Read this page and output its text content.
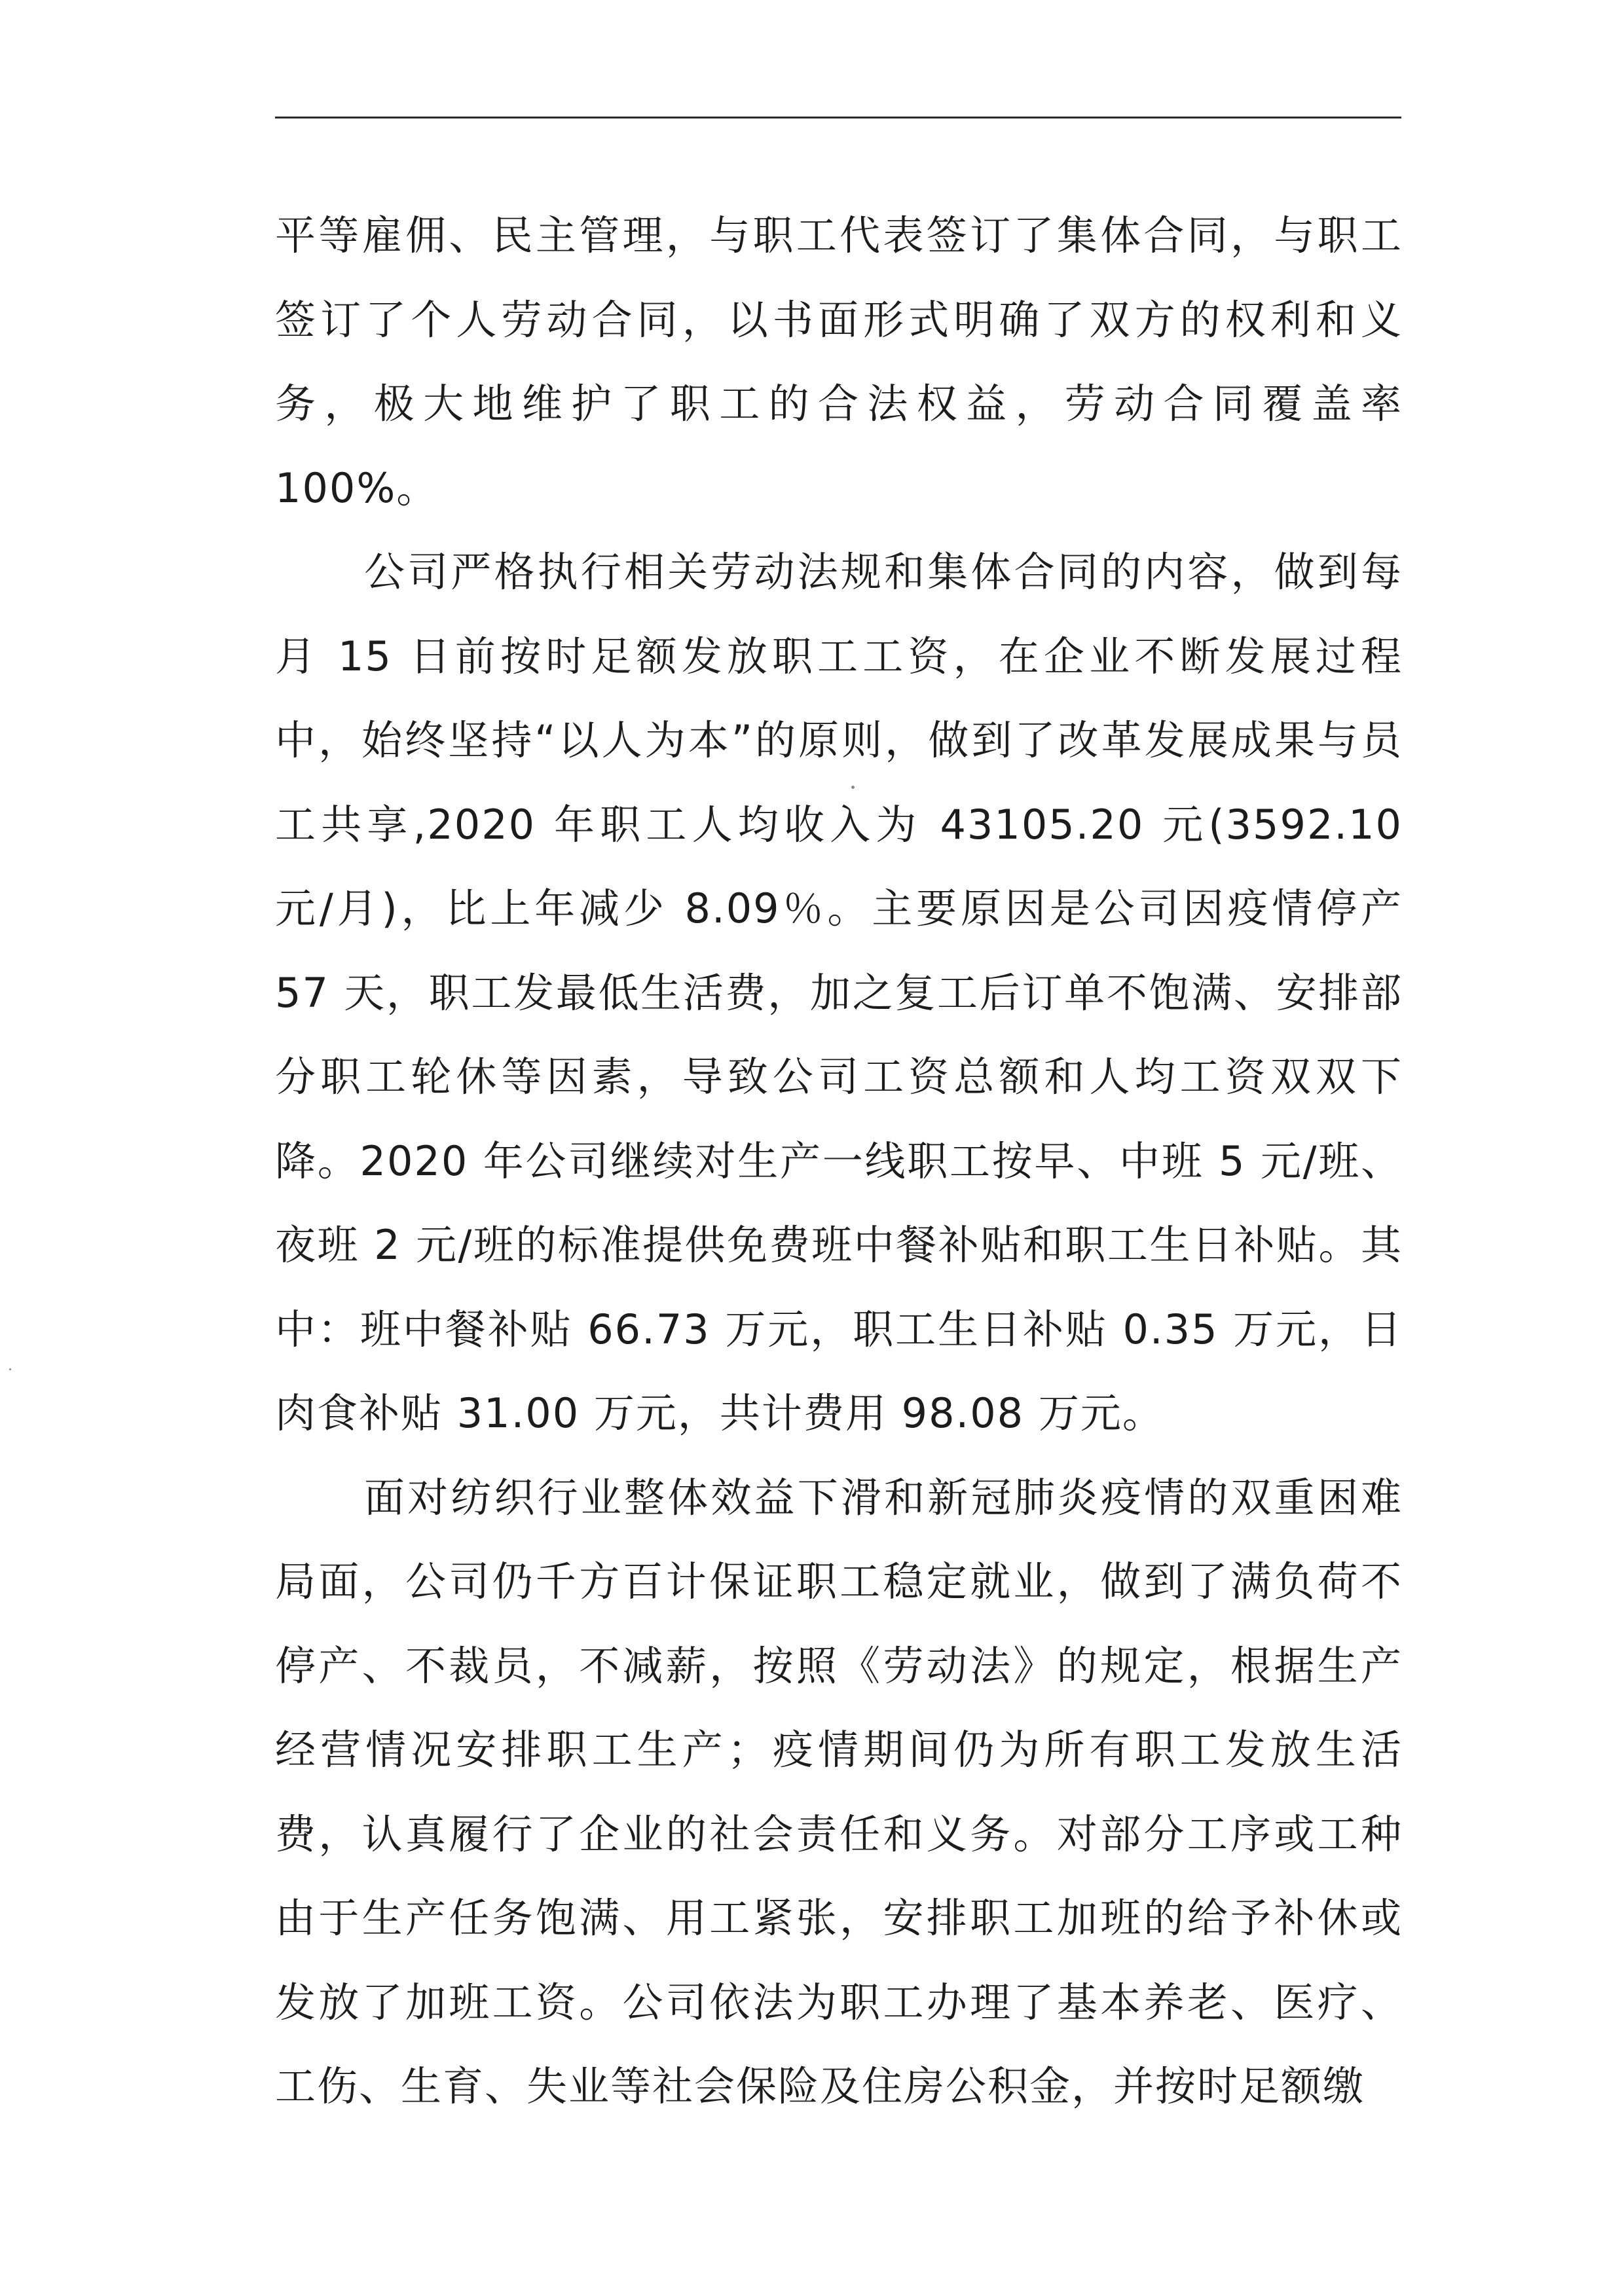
平等雇佣、民主管理，与职工代表签订了集体合同，与职工签订了个人劳动合同，以书面形式明确了双方的权利和义务，极大地维护了职工的合法权益，劳动合同覆盖率 100%。

公司严格执行相关劳动法规和集体合同的内容，做到每月 15 日前按时足额发放职工工资，在企业不断发展过程中，始终坚持“以人为本”的原则，做到了改革发展成果与员工共享,2020 年职工人均收入为 43105.20 元(3592.10 元/月)，比上年减少 8.09％。主要原因是公司因疫情停产 57 天，职工发最低生活费，加之复工后订单不饱满、安排部分职工轮休等因素，导致公司工资总额和人均工资双双下降。2020 年公司继续对生产一线职工按早、中班 5 元/班、夜班 2 元/班的标准提供免费班中餐补贴和职工生日补贴。其中：班中餐补贴 66.73 万元，职工生日补贴 0.35 万元，日肉食补贴 31.00 万元，共计费用 98.08 万元。

面对纺织行业整体效益下滑和新冠肺炎疫情的双重困难局面，公司仍千方百计保证职工稳定就业，做到了满负荷不停产、不裁员，不减薪，按照《劳动法》的规定，根据生产经营情况安排职工生产；疫情期间仍为所有职工发放生活费，认真履行了企业的社会责任和义务。对部分工序或工种由于生产任务饱满、用工紧张，安排职工加班的给予补休或发放了加班工资。公司依法为职工办理了基本养老、医疗、工伤、生育、失业等社会保险及住房公积金，并按时足额缴
